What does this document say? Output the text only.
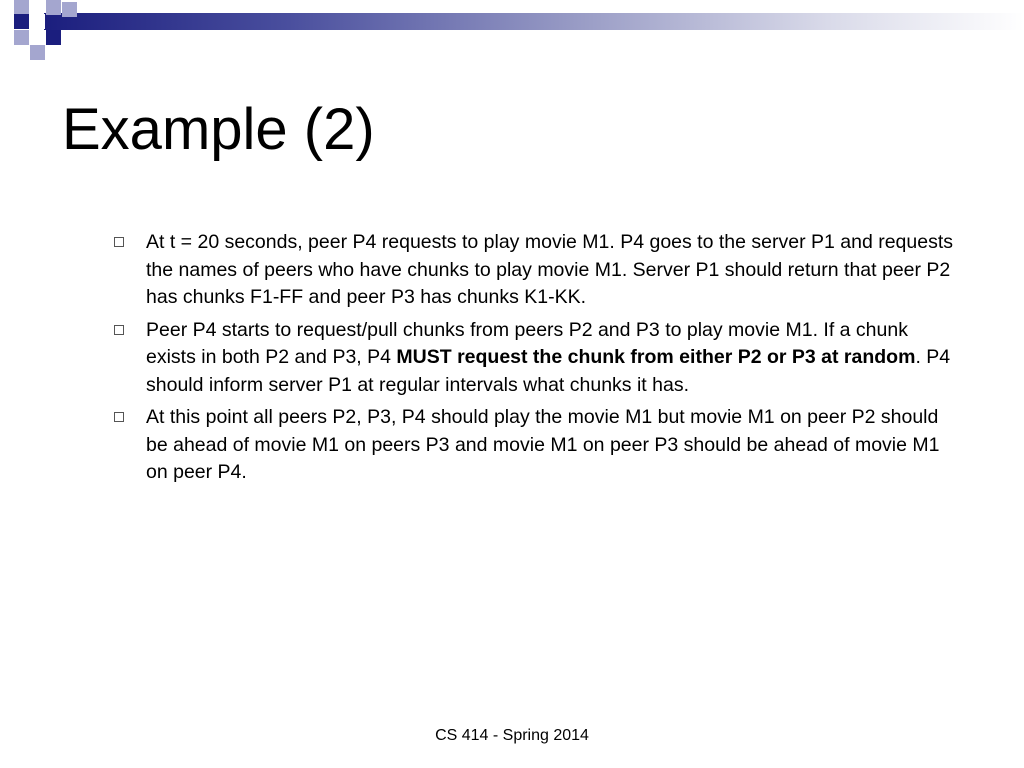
Example (2)
At t = 20 seconds, peer P4 requests to play movie M1. P4 goes to the server P1 and requests the names of peers who have chunks to play movie M1. Server P1 should return that peer P2 has chunks F1-FF and peer P3 has chunks K1-KK.
Peer P4 starts to request/pull chunks from peers P2 and P3 to play movie M1. If a chunk exists in both P2 and P3, P4 MUST request the chunk from either P2 or P3 at random. P4 should inform server P1 at regular intervals what chunks it has.
At this point all peers P2, P3, P4 should play the movie M1 but movie M1 on peer P2 should be ahead of movie M1 on peers P3 and movie M1 on peer P3 should be ahead of movie M1 on peer P4.
CS 414 - Spring 2014
